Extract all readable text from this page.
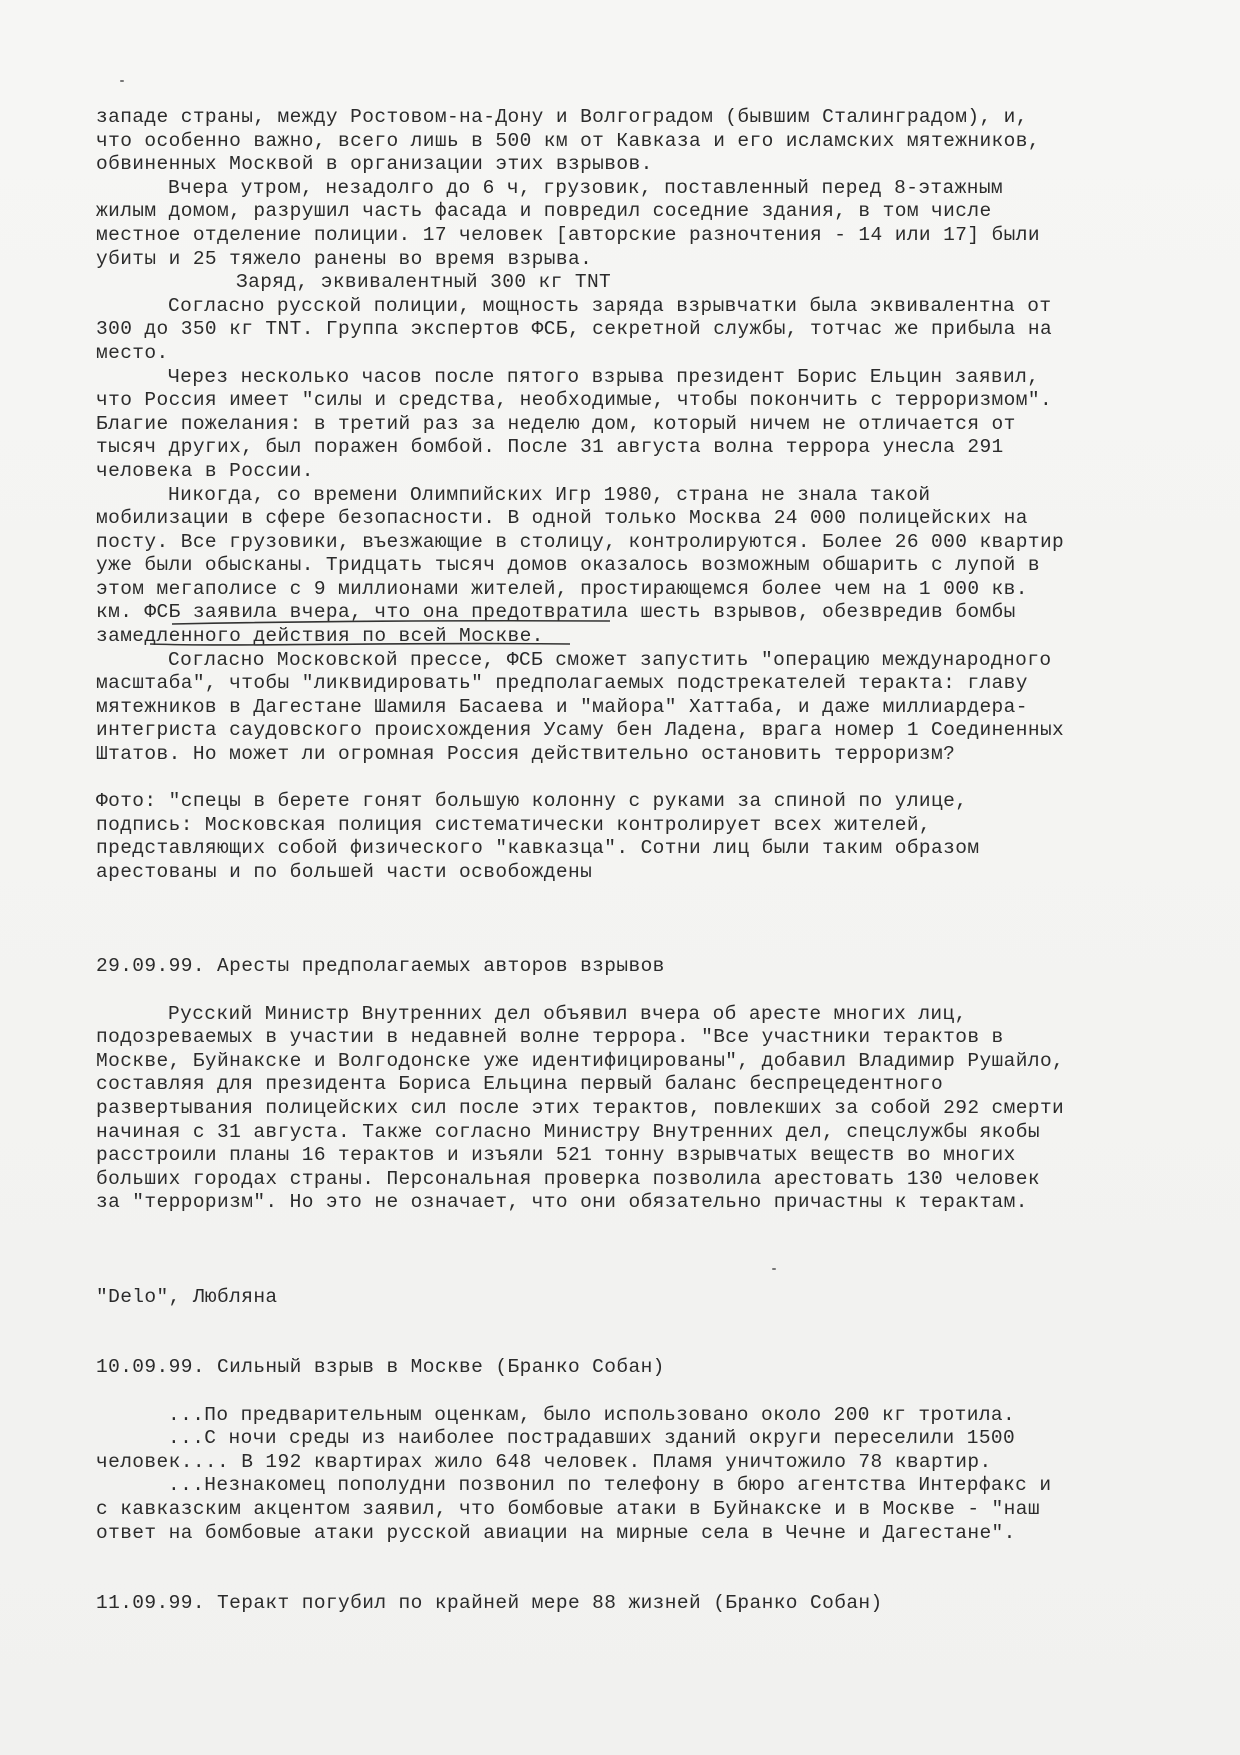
западе страны, между Ростовом-на-Дону и Волгоградом (бывшим Сталинградом), и,
что особенно важно, всего лишь в 500 км от Кавказа и его исламских мятежников,
обвиненных Москвой в организации этих взрывов.
Вчера утром, незадолго до 6 ч, грузовик, поставленный перед 8-этажным
жилым домом, разрушил часть фасада и повредил соседние здания, в том числе
местное отделение полиции. 17 человек [авторские разночтения - 14 или 17] были
убиты и 25 тяжело ранены во время взрыва.
Заряд, эквивалентный 300 кг TNT
Согласно русской полиции, мощность заряда взрывчатки была эквивалентна от
300 до 350 кг TNT. Группа экспертов ФСБ, секретной службы, тотчас же прибыла на
место.
Через несколько часов после пятого взрыва президент Борис Ельцин заявил,
что Россия имеет "силы и средства, необходимые, чтобы покончить с терроризмом".
Благие пожелания: в третий раз за неделю дом, который ничем не отличается от
тысяч других, был поражен бомбой. После 31 августа волна террора унесла 291
человека в России.
Никогда, со времени Олимпийских Игр 1980, страна не знала такой
мобилизации в сфере безопасности. В одной только Москва 24 000 полицейских на
посту. Все грузовики, въезжающие в столицу, контролируются. Более 26 000 квартир
уже были обысканы. Тридцать тысяч домов оказалось возможным обшарить с лупой в
этом мегаполисе с 9 миллионами жителей, простирающемся более чем на 1 000 кв.
км. ФСБ заявила вчера, что она предотвратила шесть взрывов, обезвредив бомбы
замедленного действия по всей Москве.
Согласно Московской прессе, ФСБ сможет запустить "операцию международного
масштаба", чтобы "ликвидировать" предполагаемых подстрекателей теракта: главу
мятежников в Дагестане Шамиля Басаева и "майора" Хаттаба, и даже миллиардера-
интегриста саудовского происхождения Усаму бен Ладена, врага номер 1 Соединенных
Штатов. Но может ли огромная Россия действительно остановить терроризм?
Фото: "спецы в берете гонят большую колонну с руками за спиной по улице,
подпись: Московская полиция систематически контролирует всех жителей,
представляющих собой физического "кавказца". Сотни лиц были таким образом
арестованы и по большей части освобождены
29.09.99. Аресты предполагаемых авторов взрывов
Русский Министр Внутренних дел объявил вчера об аресте многих лиц,
подозреваемых в участии в недавней волне террора. "Все участники терактов в
Москве, Буйнакске и Волгодонске уже идентифицированы", добавил Владимир Рушайло,
составляя для президента Бориса Ельцина первый баланс беспрецедентного
развертывания полицейских сил после этих терактов, повлекших за собой 292 смерти
начиная с 31 августа. Также согласно Министру Внутренних дел, спецслужбы якобы
расстроили планы 16 терактов и изъяли 521 тонну взрывчатых веществ во многих
больших городах страны. Персональная проверка позволила арестовать 130 человек
за "терроризм". Но это не означает, что они обязательно причастны к терактам.
"Delo", Любляна
10.09.99. Сильный взрыв в Москве (Бранко Собан)
...По предварительным оценкам, было использовано около 200 кг тротила.
...С ночи среды из наиболее пострадавших зданий округи переселили 1500
человек.... В 192 квартирах жило 648 человек. Пламя уничтожило 78 квартир.
...Незнакомец пополудни позвонил по телефону в бюро агентства Интерфакс и
с кавказским акцентом заявил, что бомбовые атаки в Буйнакске и в Москве - "наш
ответ на бомбовые атаки русской авиации на мирные села в Чечне и Дагестане".
11.09.99. Теракт погубил по крайней мере 88 жизней (Бранко Собан)
